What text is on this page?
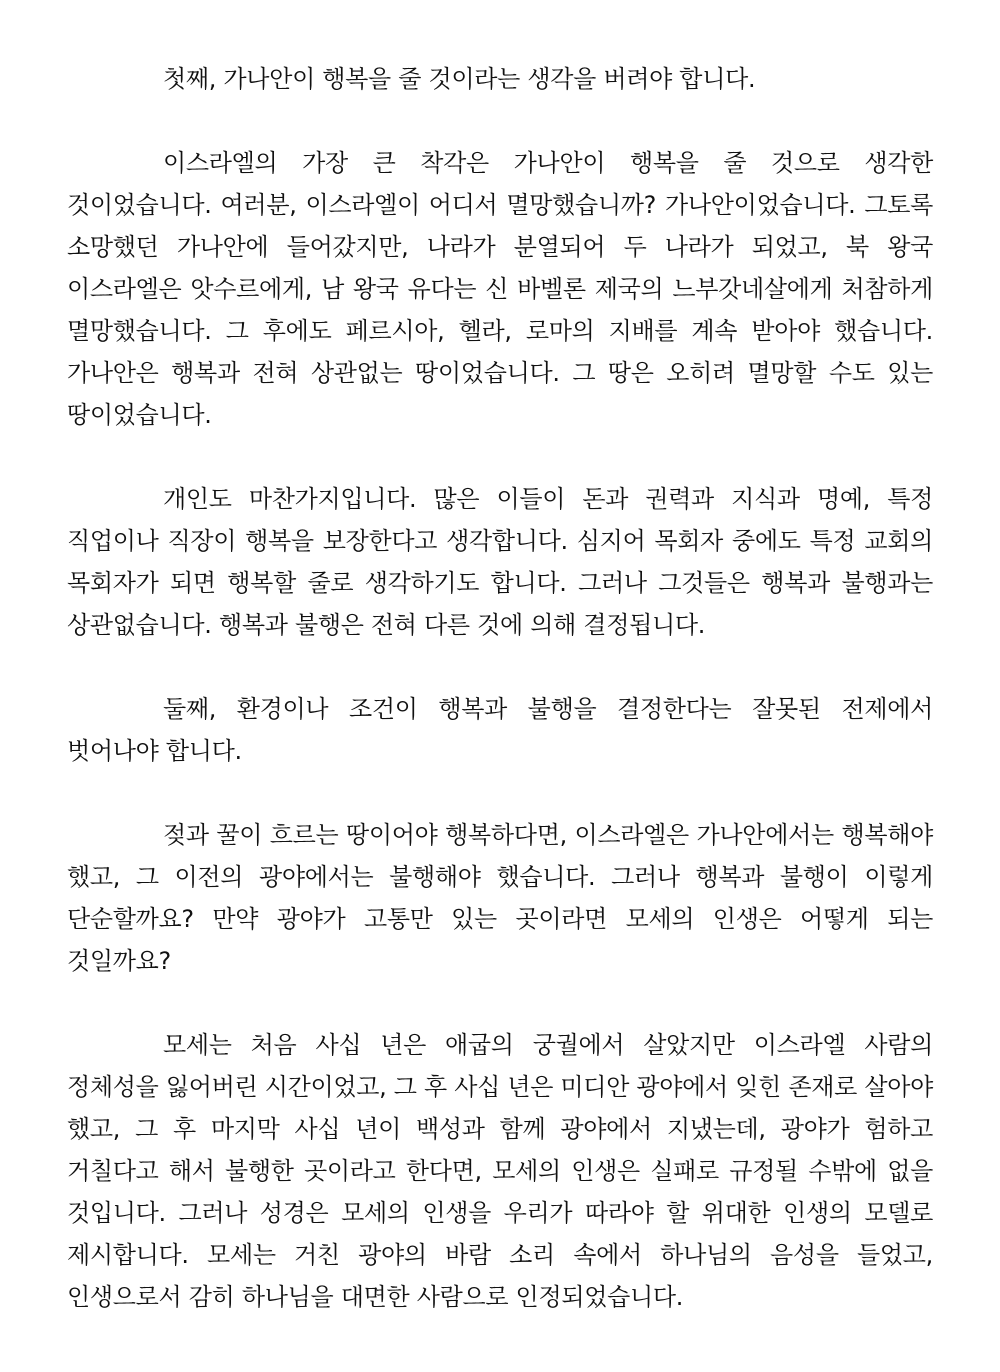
첫째, 가나안이 행복을 줄 것이라는 생각을 버려야 합니다.

이스라엘의 가장 큰 착각은 가나안이 행복을 줄 것으로 생각한 것이었습니다. 여러분, 이스라엘이 어디서 멸망했습니까? 가나안이었습니다. 그토록 소망했던 가나안에 들어갔지만, 나라가 분열되어 두 나라가 되었고, 북 왕국 이스라엘은 앗수르에게, 남 왕국 유다는 신 바벨론 제국의 느부갓네살에게 처참하게 멸망했습니다. 그 후에도 페르시아, 헬라, 로마의 지배를 계속 받아야 했습니다. 가나안은 행복과 전혀 상관없는 땅이었습니다. 그 땅은 오히려 멸망할 수도 있는 땅이었습니다.

개인도 마찬가지입니다. 많은 이들이 돈과 권력과 지식과 명예, 특정 직업이나 직장이 행복을 보장한다고 생각합니다. 심지어 목회자 중에도 특정 교회의 목회자가 되면 행복할 줄로 생각하기도 합니다. 그러나 그것들은 행복과 불행과는 상관없습니다. 행복과 불행은 전혀 다른 것에 의해 결정됩니다.

둘째, 환경이나 조건이 행복과 불행을 결정한다는 잘못된 전제에서 벗어나야 합니다.

젖과 꿀이 흐르는 땅이어야 행복하다면, 이스라엘은 가나안에서는 행복해야 했고, 그 이전의 광야에서는 불행해야 했습니다. 그러나 행복과 불행이 이렇게 단순할까요? 만약 광야가 고통만 있는 곳이라면 모세의 인생은 어떻게 되는 것일까요?

모세는 처음 사십 년은 애굽의 궁궐에서 살았지만 이스라엘 사람의 정체성을 잃어버린 시간이었고, 그 후 사십 년은 미디안 광야에서 잊힌 존재로 살아야 했고, 그 후 마지막 사십 년이 백성과 함께 광야에서 지냈는데, 광야가 험하고 거칠다고 해서 불행한 곳이라고 한다면, 모세의 인생은 실패로 규정될 수밖에 없을 것입니다. 그러나 성경은 모세의 인생을 우리가 따라야 할 위대한 인생의 모델로 제시합니다. 모세는 거친 광야의 바람 소리 속에서 하나님의 음성을 들었고, 인생으로서 감히 하나님을 대면한 사람으로 인정되었습니다.
